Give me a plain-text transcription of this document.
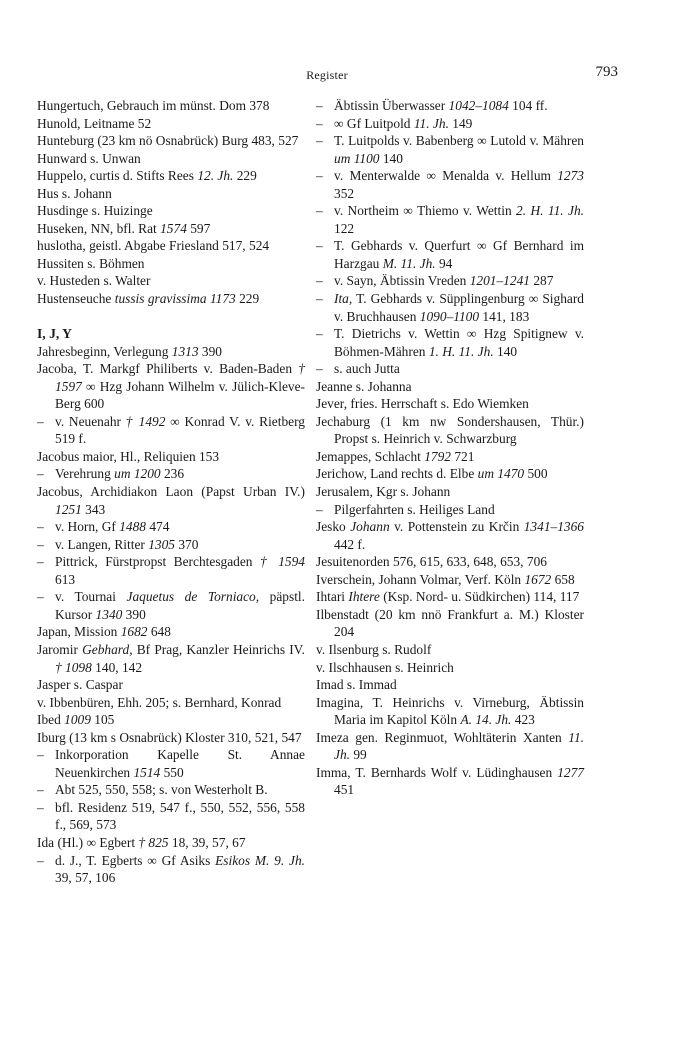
Register	793
Hungertuch, Gebrauch im münst. Dom 378
Hunold, Leitname 52
Hunteburg (23 km nö Osnabrück) Burg 483, 527
Hunward s. Unwan
Huppelo, curtis d. Stifts Rees 12. Jh. 229
Hus s. Johann
Husdinge s. Huizinge
Huseken, NN, bfl. Rat 1574 597
huslotha, geistl. Abgabe Friesland 517, 524
Hussiten s. Böhmen
v. Husteden s. Walter
Hustenseuche tussis gravissima 1173 229
I, J, Y
Jahresbeginn, Verlegung 1313 390
Jacoba, T. Markgf Philiberts v. Baden-Baden † 1597 ∞ Hzg Johann Wilhelm v. Jülich-Kleve-Berg 600
– v. Neuenahr † 1492 ∞ Konrad V. v. Rietberg 519 f.
Jacobus maior, Hl., Reliquien 153
– Verehrung um 1200 236
Jacobus, Archidiakon Laon (Papst Urban IV.) 1251 343
– v. Horn, Gf 1488 474
– v. Langen, Ritter 1305 370
– Pittrick, Fürstpropst Berchtesgaden † 1594 613
– v. Tournai Jaquetus de Torniaco, päpstl. Kursor 1340 390
Japan, Mission 1682 648
Jaromir Gebhard, Bf Prag, Kanzler Heinrichs IV. † 1098 140, 142
Jasper s. Caspar
v. Ibbenbüren, Ehh. 205; s. Bernhard, Konrad
Ibed 1009 105
Iburg (13 km s Osnabrück) Kloster 310, 521, 547
– Inkorporation Kapelle St. Annae Neuenkirchen 1514 550
– Abt 525, 550, 558; s. von Westerholt B.
– bfl. Residenz 519, 547 f., 550, 552, 556, 558 f., 569, 573
Ida (Hl.) ∞ Egbert † 825 18, 39, 57, 67
– d. J., T. Egberts ∞ Gf Asiks Esikos M. 9. Jh. 39, 57, 106
– Äbtissin Überwasser 1042–1084 104 ff.
– ∞ Gf Luitpold 11. Jh. 149
– T. Luitpolds v. Babenberg ∞ Lutold v. Mähren um 1100 140
– v. Menterwalde ∞ Menalda v. Hellum 1273 352
– v. Northeim ∞ Thiemo v. Wettin 2. H. 11. Jh. 122
– T. Gebhards v. Querfurt ∞ Gf Bernhard im Harzgau M. 11. Jh. 94
– v. Sayn, Äbtissin Vreden 1201–1241 287
– Ita, T. Gebhards v. Süpplingenburg ∞ Sighard v. Bruchhausen 1090–1100 141, 183
– T. Dietrichs v. Wettin ∞ Hzg Spitignew v. Böhmen-Mähren 1. H. 11. Jh. 140
– s. auch Jutta
Jeanne s. Johanna
Jever, fries. Herrschaft s. Edo Wiemken
Jechaburg (1 km nw Sondershausen, Thür.) Propst s. Heinrich v. Schwarzburg
Jemappes, Schlacht 1792 721
Jerichow, Land rechts d. Elbe um 1470 500
Jerusalem, Kgr s. Johann
– Pilgerfahrten s. Heiliges Land
Jesko Johann v. Pottenstein zu Krčin 1341–1366 442 f.
Jesuitenorden 576, 615, 633, 648, 653, 706
Iverschein, Johann Volmar, Verf. Köln 1672 658
Ihtari Ihtere (Ksp. Nord- u. Südkirchen) 114, 117
Ilbenstadt (20 km nnö Frankfurt a. M.) Kloster 204
v. Ilsenburg s. Rudolf
v. Ilschhausen s. Heinrich
Imad s. Immad
Imagina, T. Heinrichs v. Virneburg, Äbtissin Maria im Kapitol Köln A. 14. Jh. 423
Imeza gen. Reginmuot, Wohltäterin Xanten 11. Jh. 99
Imma, T. Bernhards Wolf v. Lüdinghausen 1277 451
